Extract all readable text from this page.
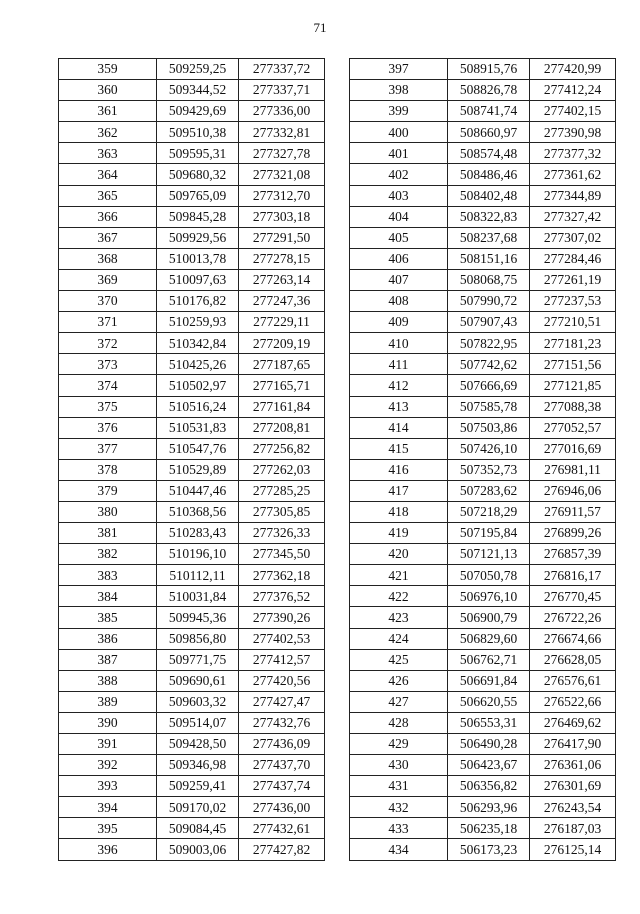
71
359	509259,25	277337,72
360	509344,52	277337,71
361	509429,69	277336,00
362	509510,38	277332,81
363	509595,31	277327,78
364	509680,32	277321,08
365	509765,09	277312,70
366	509845,28	277303,18
367	509929,56	277291,50
368	510013,78	277278,15
369	510097,63	277263,14
370	510176,82	277247,36
371	510259,93	277229,11
372	510342,84	277209,19
373	510425,26	277187,65
374	510502,97	277165,71
375	510516,24	277161,84
376	510531,83	277208,81
377	510547,76	277256,82
378	510529,89	277262,03
379	510447,46	277285,25
380	510368,56	277305,85
381	510283,43	277326,33
382	510196,10	277345,50
383	510112,11	277362,18
384	510031,84	277376,52
385	509945,36	277390,26
386	509856,80	277402,53
387	509771,75	277412,57
388	509690,61	277420,56
389	509603,32	277427,47
390	509514,07	277432,76
391	509428,50	277436,09
392	509346,98	277437,70
393	509259,41	277437,74
394	509170,02	277436,00
395	509084,45	277432,61
396	509003,06	277427,82
397	508915,76	277420,99
398	508826,78	277412,24
399	508741,74	277402,15
400	508660,97	277390,98
401	508574,48	277377,32
402	508486,46	277361,62
403	508402,48	277344,89
404	508322,83	277327,42
405	508237,68	277307,02
406	508151,16	277284,46
407	508068,75	277261,19
408	507990,72	277237,53
409	507907,43	277210,51
410	507822,95	277181,23
411	507742,62	277151,56
412	507666,69	277121,85
413	507585,78	277088,38
414	507503,86	277052,57
415	507426,10	277016,69
416	507352,73	276981,11
417	507283,62	276946,06
418	507218,29	276911,57
419	507195,84	276899,26
420	507121,13	276857,39
421	507050,78	276816,17
422	506976,10	276770,45
423	506900,79	276722,26
424	506829,60	276674,66
425	506762,71	276628,05
426	506691,84	276576,61
427	506620,55	276522,66
428	506553,31	276469,62
429	506490,28	276417,90
430	506423,67	276361,06
431	506356,82	276301,69
432	506293,96	276243,54
433	506235,18	276187,03
434	506173,23	276125,14
